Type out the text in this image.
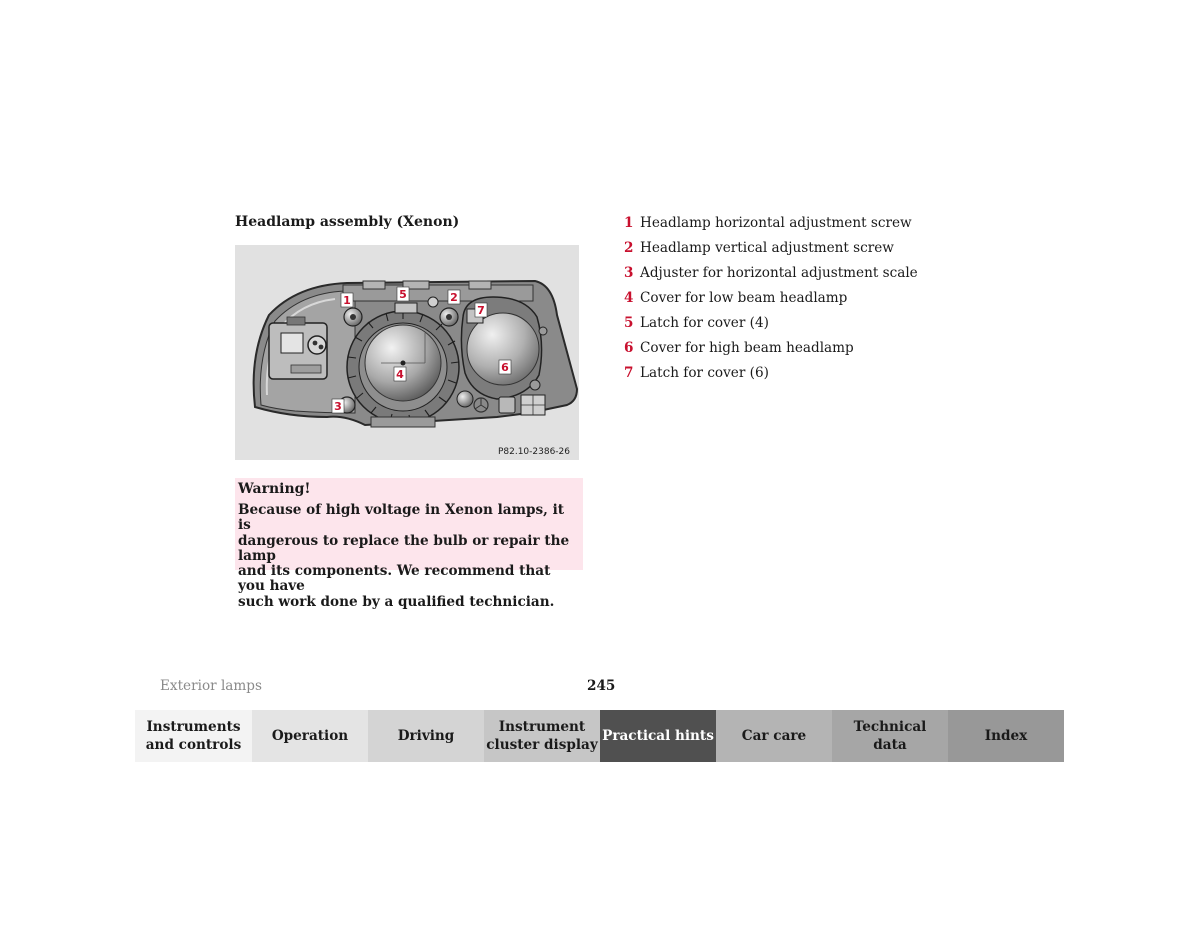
Headlamp assembly (Xenon)
1	5	2
7
4
6
3
P82.10-2386-26
Warning!
Because of high voltage in Xenon lamps, it is
dangerous to replace the bulb or repair the lamp
and its components. We recommend that you have
such work done by a qualified technician.
1 Headlamp horizontal adjustment screw
2 Headlamp vertical adjustment screw
3 Adjuster for horizontal adjustment scale
4 Cover for low beam headlamp
5 Latch for cover (4)
6 Cover for high beam headlamp
7 Latch for cover (6)
Exterior lamps	245
Instruments
and controls
Operation	Driving
Instrument
cluster display
Practical hints Car care
Technical
data
Index
